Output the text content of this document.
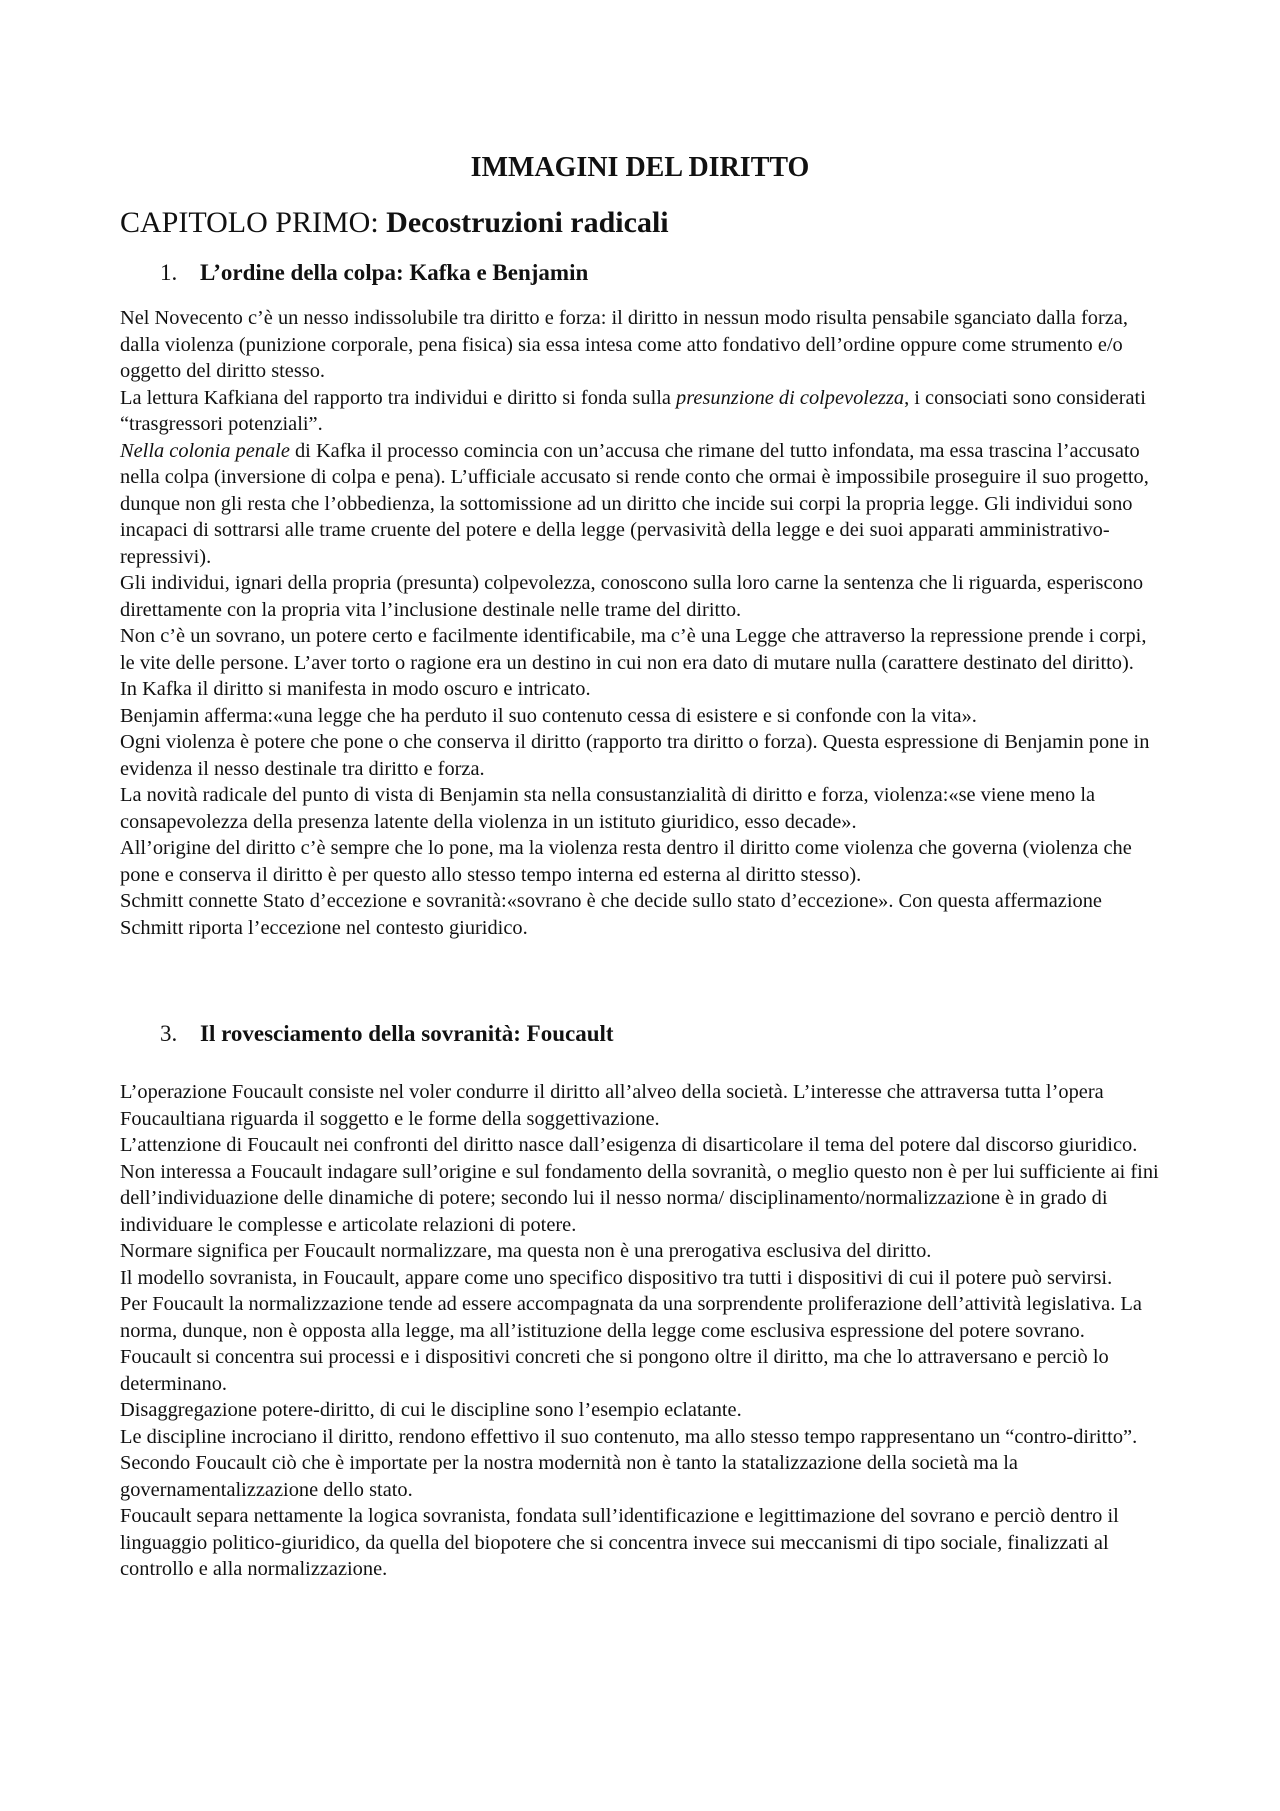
IMMAGINI DEL DIRITTO
CAPITOLO PRIMO: Decostruzioni radicali
1. L’ordine della colpa: Kafka e Benjamin

Nel Novecento c’è un nesso indissolubile tra diritto e forza: il diritto in nessun modo risulta pensabile sganciato dalla forza, dalla violenza (punizione corporale, pena fisica) sia essa intesa come atto fondativo dell’ordine oppure come strumento e/o oggetto del diritto stesso.

La lettura Kafkiana del rapporto tra individui e diritto si fonda sulla presunzione di colpevolezza, i consociati sono considerati “trasgressori potenziali”.

Nella colonia penale di Kafka il processo comincia con un’accusa che rimane del tutto infondata, ma essa trascina l’accusato nella colpa (inversione di colpa e pena). L’ufficiale accusato si rende conto che ormai è impossibile proseguire il suo progetto, dunque non gli resta che l’obbedienza, la sottomissione ad un diritto che incide sui corpi la propria legge. Gli individui sono incapaci di sottrarsi alle trame cruente del potere e della legge (pervasività della legge e dei suoi apparati amministrativo-repressivi).

Gli individui, ignari della propria (presunta) colpevolezza, conoscono sulla loro carne la sentenza che li riguarda, esperiscono direttamente con la propria vita l’inclusione destinale nelle trame del diritto.

Non c’è un sovrano, un potere certo e facilmente identificabile, ma c’è una Legge che attraverso la repressione prende i corpi, le vite delle persone. L’aver torto o ragione era un destino in cui non era dato di mutare nulla (carattere destinato del diritto).

In Kafka il diritto si manifesta in modo oscuro e intricato.

Benjamin afferma:«una legge che ha perduto il suo contenuto cessa di esistere e si confonde con la vita».

Ogni violenza è potere che pone o che conserva il diritto (rapporto tra diritto o forza). Questa espressione di Benjamin pone in evidenza il nesso destinale tra diritto e forza.

La novità radicale del punto di vista di Benjamin sta nella consustanzialità di diritto e forza, violenza:«se viene meno la consapevolezza della presenza latente della violenza in un istituto giuridico, esso decade».

All’origine del diritto c’è sempre che lo pone, ma la violenza resta dentro il diritto come violenza che governa (violenza che pone e conserva il diritto è per questo allo stesso tempo interna ed esterna al diritto stesso).

Schmitt connette Stato d’eccezione e sovranità:«sovrano è che decide sullo stato d’eccezione». Con questa affermazione Schmitt riporta l’eccezione nel contesto giuridico.

3. Il rovesciamento della sovranità: Foucault

L’operazione Foucault consiste nel voler condurre il diritto all’alveo della società. L’interesse che attraversa tutta l’opera Foucaultiana riguarda il soggetto e le forme della soggettivazione.

L’attenzione di Foucault nei confronti del diritto nasce dall’esigenza di disarticolare il tema del potere dal discorso giuridico.

Non interessa a Foucault indagare sull’origine e sul fondamento della sovranità, o meglio questo non è per lui sufficiente ai fini dell’individuazione delle dinamiche di potere; secondo lui il nesso norma/ disciplinamento/normalizzazione è in grado di individuare le complesse e articolate relazioni di potere.

Normare significa per Foucault normalizzare, ma questa non è una prerogativa esclusiva del diritto.

Il modello sovranista, in Foucault, appare come uno specifico dispositivo tra tutti i dispositivi di cui il potere può servirsi.

Per Foucault la normalizzazione tende ad essere accompagnata da una sorprendente proliferazione dell’attività legislativa. La norma, dunque, non è opposta alla legge, ma all’istituzione della legge come esclusiva espressione del potere sovrano.

Foucault si concentra sui processi e i dispositivi concreti che si pongono oltre il diritto, ma che lo attraversano e perciò lo determinano.

Disaggregazione potere-diritto, di cui le discipline sono l’esempio eclatante.

Le discipline incrociano il diritto, rendono effettivo il suo contenuto, ma allo stesso tempo rappresentano un “contro-diritto”.

Secondo Foucault ciò che è importate per la nostra modernità non è tanto la statalizzazione della società ma la governamentalizzazione dello stato.

Foucault separa nettamente la logica sovranista, fondata sull’identificazione e legittimazione del sovrano e perciò dentro il linguaggio politico-giuridico, da quella del biopotere che si concentra invece sui meccanismi di tipo sociale, finalizzati al controllo e alla normalizzazione.
